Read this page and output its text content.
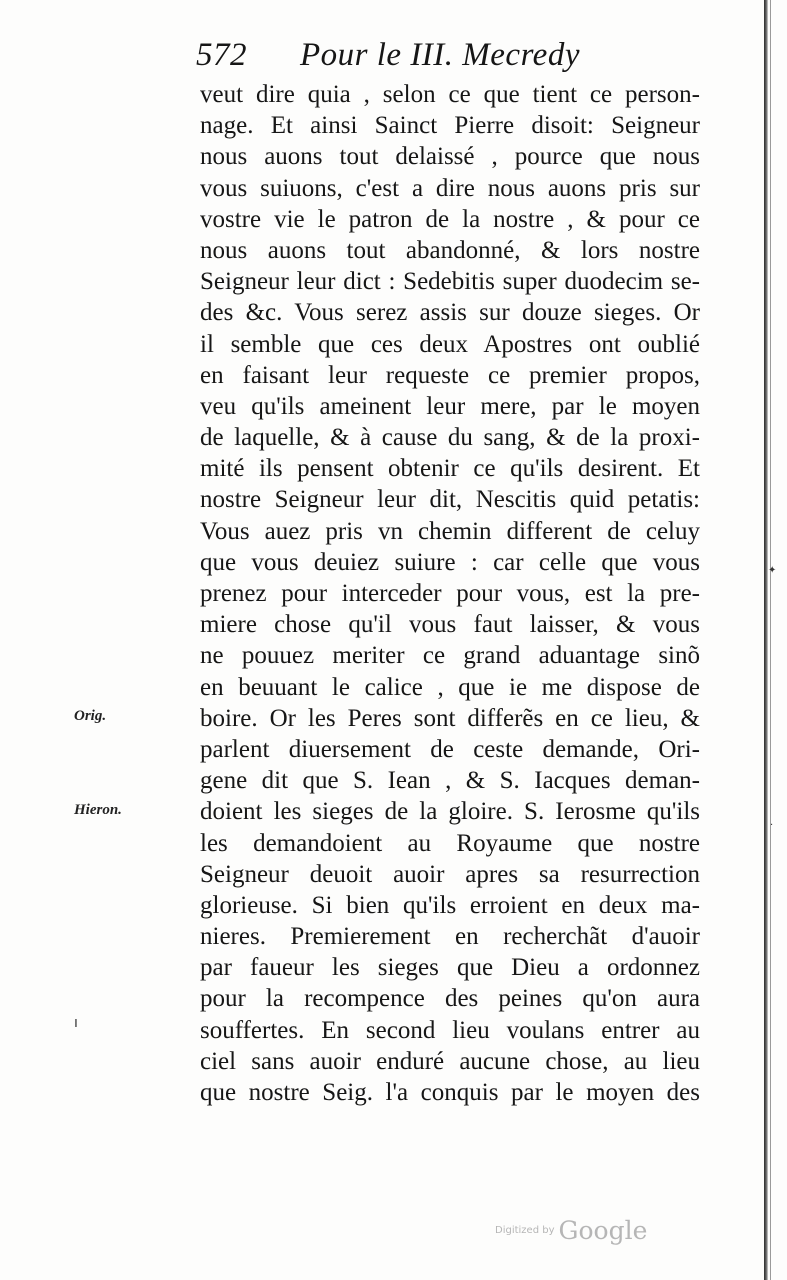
✦
·
ı
572 Pour le III. Mecredy
Orig.
Hieron.
veut dire quia , selon ce que tient ce person-
nage. Et ainsi Sainct Pierre disoit: Seigneur
nous auons tout delaissé , pource que nous
vous suiuons, c'est a dire nous auons pris sur
vostre vie le patron de la nostre , & pour ce
nous auons tout abandonné, & lors nostre
Seigneur leur dict : Sedebitis super duodecim se-
des &c. Vous serez assis sur douze sieges. Or
il semble que ces deux Apostres ont oublié
en faisant leur requeste ce premier propos,
veu qu'ils ameinent leur mere, par le moyen
de laquelle, & à cause du sang, & de la proxi-
mité ils pensent obtenir ce qu'ils desirent. Et
nostre Seigneur leur dit, Nescitis quid petatis:
Vous auez pris vn chemin different de celuy
que vous deuiez suiure : car celle que vous
prenez pour interceder pour vous, est la pre-
miere chose qu'il vous faut laisser, & vous
ne pouuez meriter ce grand aduantage sinõ
en beuuant le calice , que ie me dispose de
boire. Or les Peres sont differẽs en ce lieu, &
parlent diuersement de ceste demande, Ori-
gene dit que S. Iean , & S. Iacques deman-
doient les sieges de la gloire. S. Ierosme qu'ils
les demandoient au Royaume que nostre
Seigneur deuoit auoir apres sa resurrection
glorieuse. Si bien qu'ils erroient en deux ma-
nieres. Premierement en recherchãt d'auoir
par faueur les sieges que Dieu a ordonnez
pour la recompence des peines qu'on aura
souffertes. En second lieu voulans entrer au
ciel sans auoir enduré aucune chose, au lieu
que nostre Seig. l'a conquis par le moyen des
Digitized by Google
